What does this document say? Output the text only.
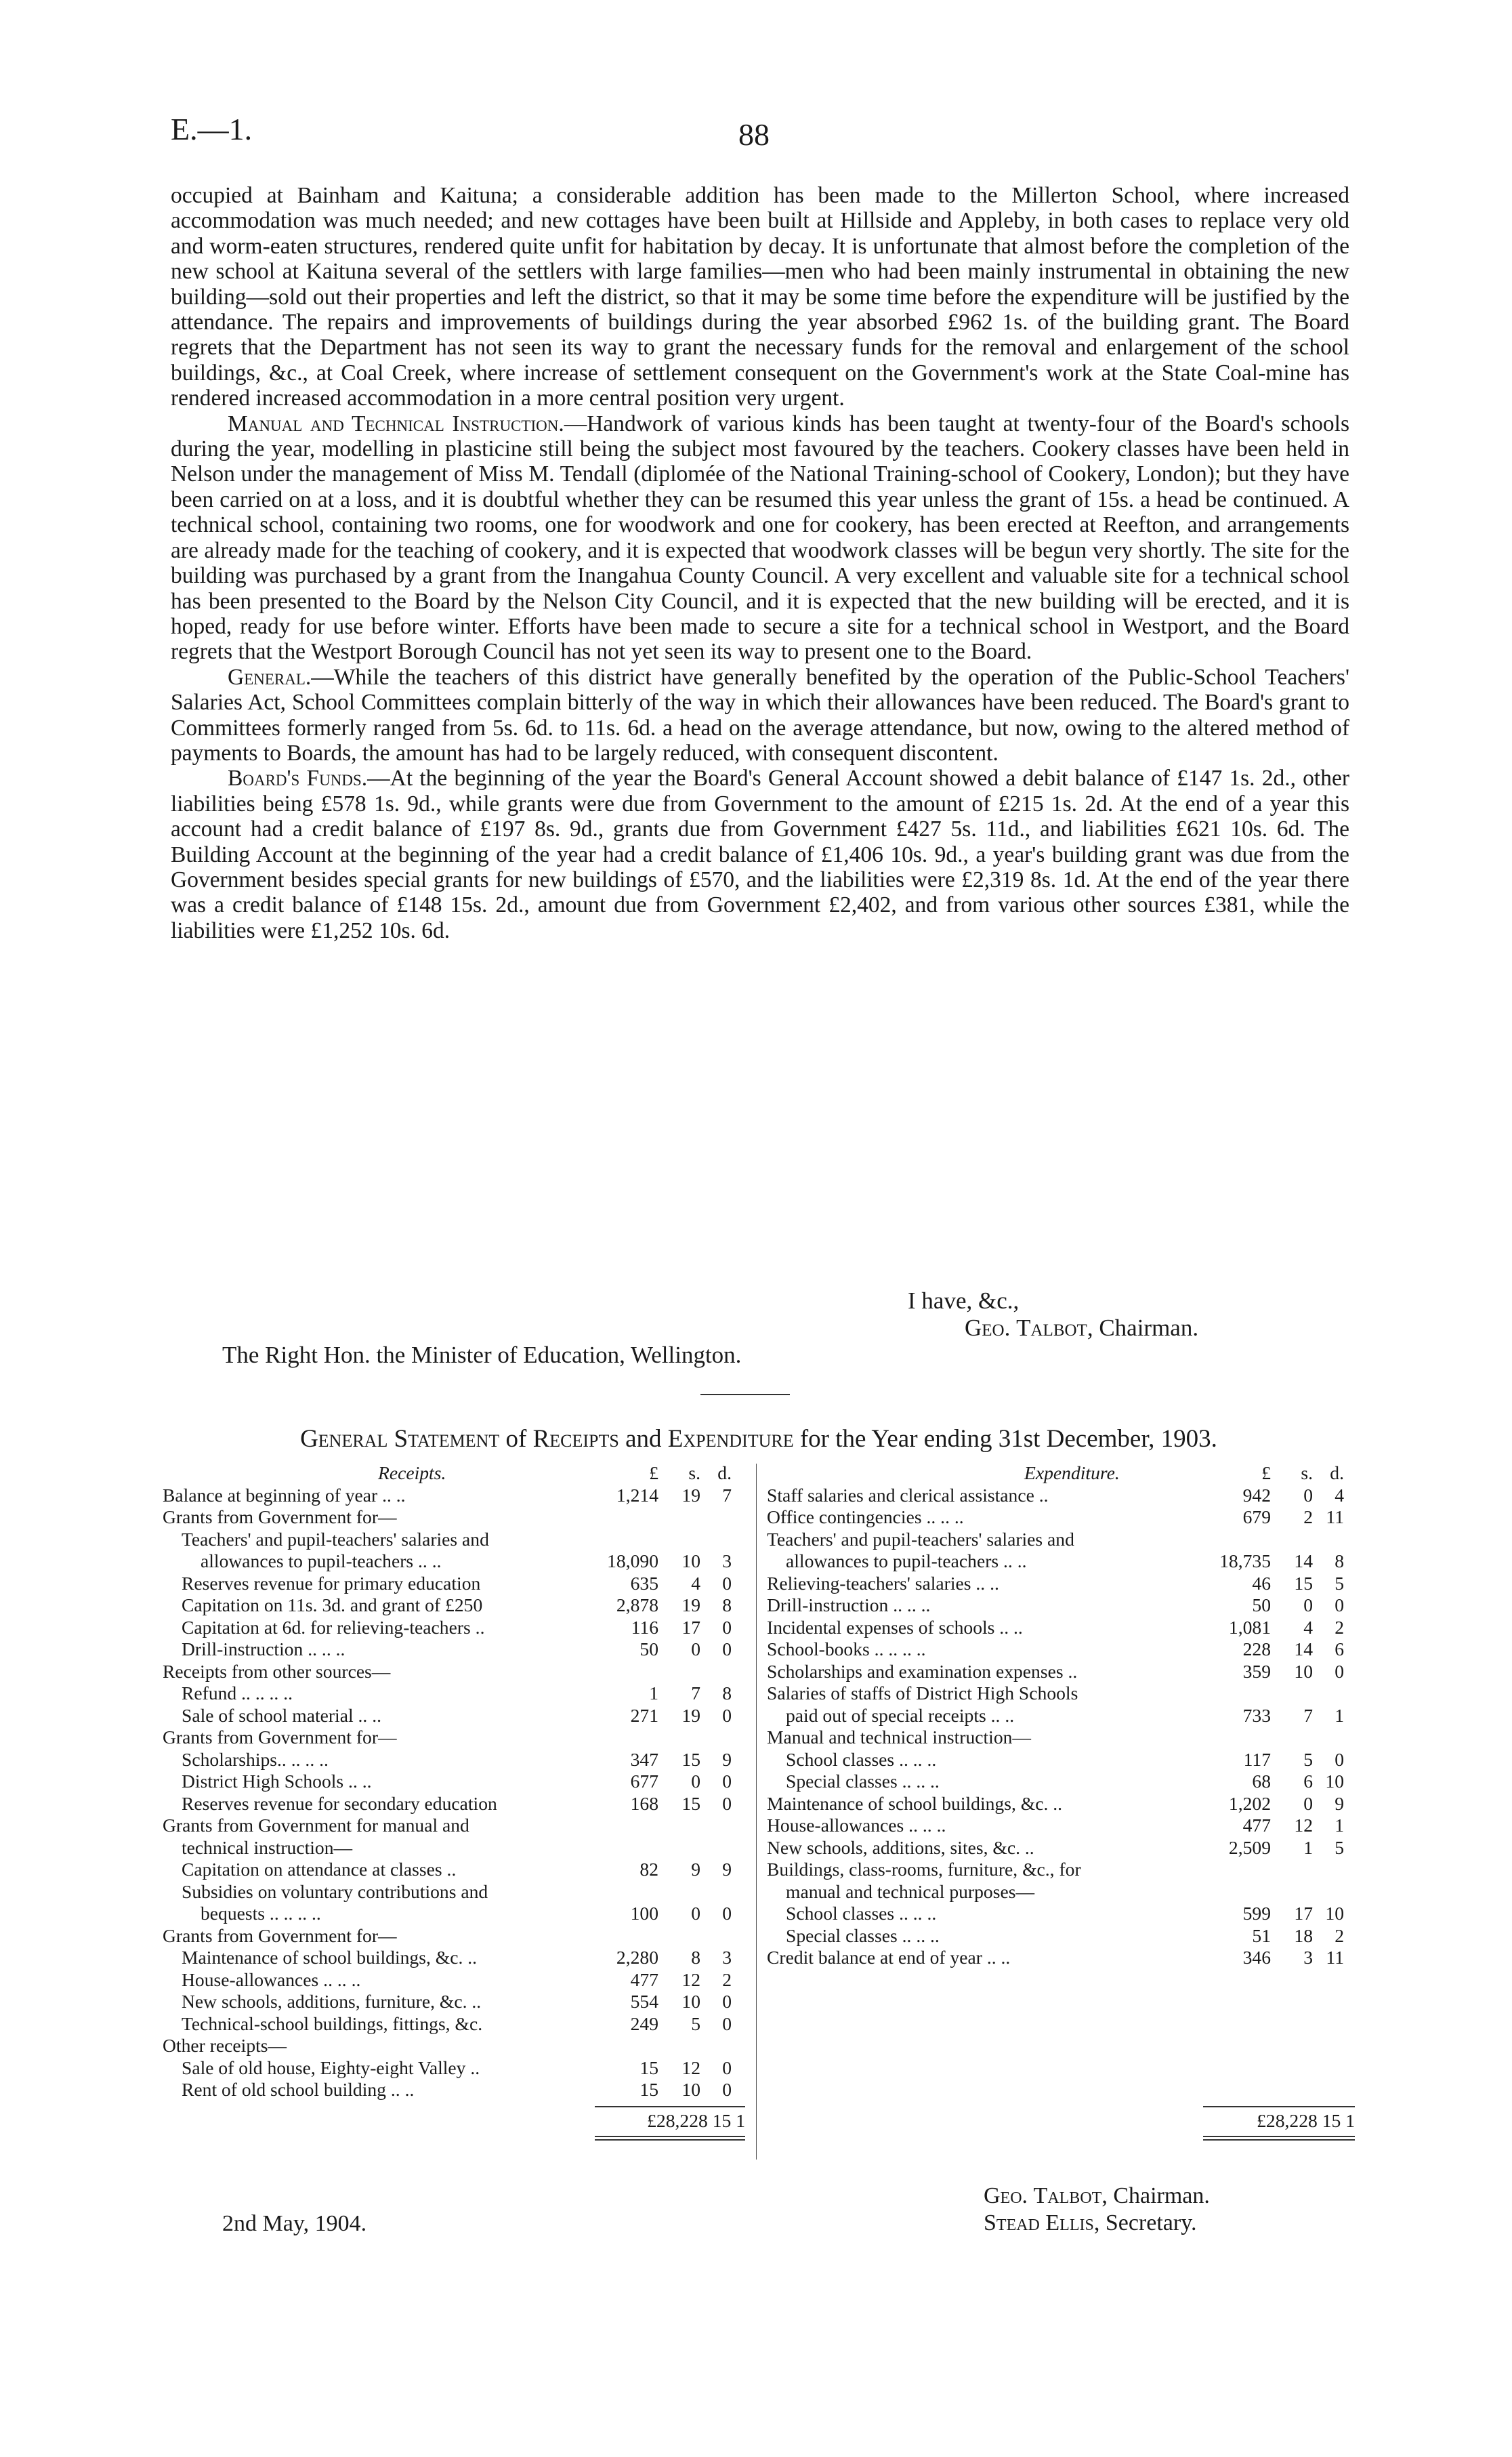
E.—1.	88

occupied at Bainham and Kaituna; a considerable addition has been made to the Millerton School, where increased accommodation was much needed; and new cottages have been built at Hillside and Appleby, in both cases to replace very old and worm-eaten structures, rendered quite unfit for habitation by decay. It is unfortunate that almost before the completion of the new school at Kaituna several of the settlers with large families—men who had been mainly instrumental in obtaining the new building—sold out their properties and left the district, so that it may be some time before the expenditure will be justified by the attendance. The repairs and improvements of buildings during the year absorbed £962 1s. of the building grant. The Board regrets that the Department has not seen its way to grant the necessary funds for the removal and enlargement of the school buildings, &c., at Coal Creek, where increase of settlement consequent on the Government's work at the State Coal-mine has rendered increased accommodation in a more central position very urgent.

Manual and Technical Instruction.—Handwork of various kinds has been taught at twenty-four of the Board's schools during the year, modelling in plasticine still being the subject most favoured by the teachers. Cookery classes have been held in Nelson under the management of Miss M. Tendall (diplomée of the National Training-school of Cookery, London); but they have been carried on at a loss, and it is doubtful whether they can be resumed this year unless the grant of 15s. a head be continued. A technical school, containing two rooms, one for woodwork and one for cookery, has been erected at Reefton, and arrangements are already made for the teaching of cookery, and it is expected that woodwork classes will be begun very shortly. The site for the building was purchased by a grant from the Inangahua County Council. A very excellent and valuable site for a technical school has been presented to the Board by the Nelson City Council, and it is expected that the new building will be erected, and it is hoped, ready for use before winter. Efforts have been made to secure a site for a technical school in Westport, and the Board regrets that the Westport Borough Council has not yet seen its way to present one to the Board.

General.—While the teachers of this district have generally benefited by the operation of the Public-School Teachers' Salaries Act, School Committees complain bitterly of the way in which their allowances have been reduced. The Board's grant to Committees formerly ranged from 5s. 6d. to 11s. 6d. a head on the average attendance, but now, owing to the altered method of payments to Boards, the amount has had to be largely reduced, with consequent discontent.

Board's Funds.—At the beginning of the year the Board's General Account showed a debit balance of £147 1s. 2d., other liabilities being £578 1s. 9d., while grants were due from Government to the amount of £215 1s. 2d. At the end of a year this account had a credit balance of £197 8s. 9d., grants due from Government £427 5s. 11d., and liabilities £621 10s. 6d. The Building Account at the beginning of the year had a credit balance of £1,406 10s. 9d., a year's building grant was due from the Government besides special grants for new buildings of £570, and the liabilities were £2,319 8s. 1d. At the end of the year there was a credit balance of £148 15s. 2d., amount due from Government £2,402, and from various other sources £381, while the liabilities were £1,252 10s. 6d.

I have, &c.,
Geo. Talbot, Chairman.
The Right Hon. the Minister of Education, Wellington.
General Statement of Receipts and Expenditure for the Year ending 31st December, 1903.
Receipts.	£ s. d.
Balance at beginning of year .. ..	1,214 19 7
Grants from Government for—
Teachers' and pupil-teachers' salaries and
allowances to pupil-teachers .. ..	18,090 10 3
Reserves revenue for primary education	635 4 0
Capitation on 11s. 3d. and grant of £250	2,878 19 8
Capitation at 6d. for relieving-teachers ..	116 17 0
Drill-instruction .. .. ..	50 0 0
Receipts from other sources—
Refund .. .. .. ..	1 7 8
Sale of school material .. ..	271 19 0
Grants from Government for—
Scholarships.. .. .. ..	347 15 9
District High Schools .. ..	677 0 0
Reserves revenue for secondary education	168 15 0
Grants from Government for manual and
technical instruction—
Capitation on attendance at classes ..	82 9 9
Subsidies on voluntary contributions and
bequests .. .. .. ..	100 0 0
Grants from Government for—
Maintenance of school buildings, &c. ..	2,280 8 3
House-allowances .. .. ..	477 12 2
New schools, additions, furniture, &c. ..	554 10 0
Technical-school buildings, fittings, &c.	249 5 0
Other receipts—
Sale of old house, Eighty-eight Valley ..	15 12 0
Rent of old school building .. ..	15 10 0
Expenditure.	£ s. d.
Staff salaries and clerical assistance ..	942 0 4
Office contingencies .. .. ..	679 2 11
Teachers' and pupil-teachers' salaries and
allowances to pupil-teachers .. ..	18,735 14 8
Relieving-teachers' salaries .. ..	46 15 5
Drill-instruction .. .. ..	50 0 0
Incidental expenses of schools .. ..	1,081 4 2
School-books .. .. .. ..	228 14 6
Scholarships and examination expenses ..	359 10 0
Salaries of staffs of District High Schools
paid out of special receipts .. ..	733 7 1
Manual and technical instruction—
School classes .. .. ..	117 5 0
Special classes .. .. ..	68 6 10
Maintenance of school buildings, &c. ..	1,202 0 9
House-allowances .. .. ..	477 12 1
New schools, additions, sites, &c. ..	2,509 1 5
Buildings, class-rooms, furniture, &c., for
manual and technical purposes—
School classes .. .. ..	599 17 10
Special classes .. .. ..	51 18 2
Credit balance at end of year .. ..	346 3 11
£28,228 15 1	£28,228 15 1
2nd May, 1904.
Geo. Talbot, Chairman.
Stead Ellis, Secretary.
